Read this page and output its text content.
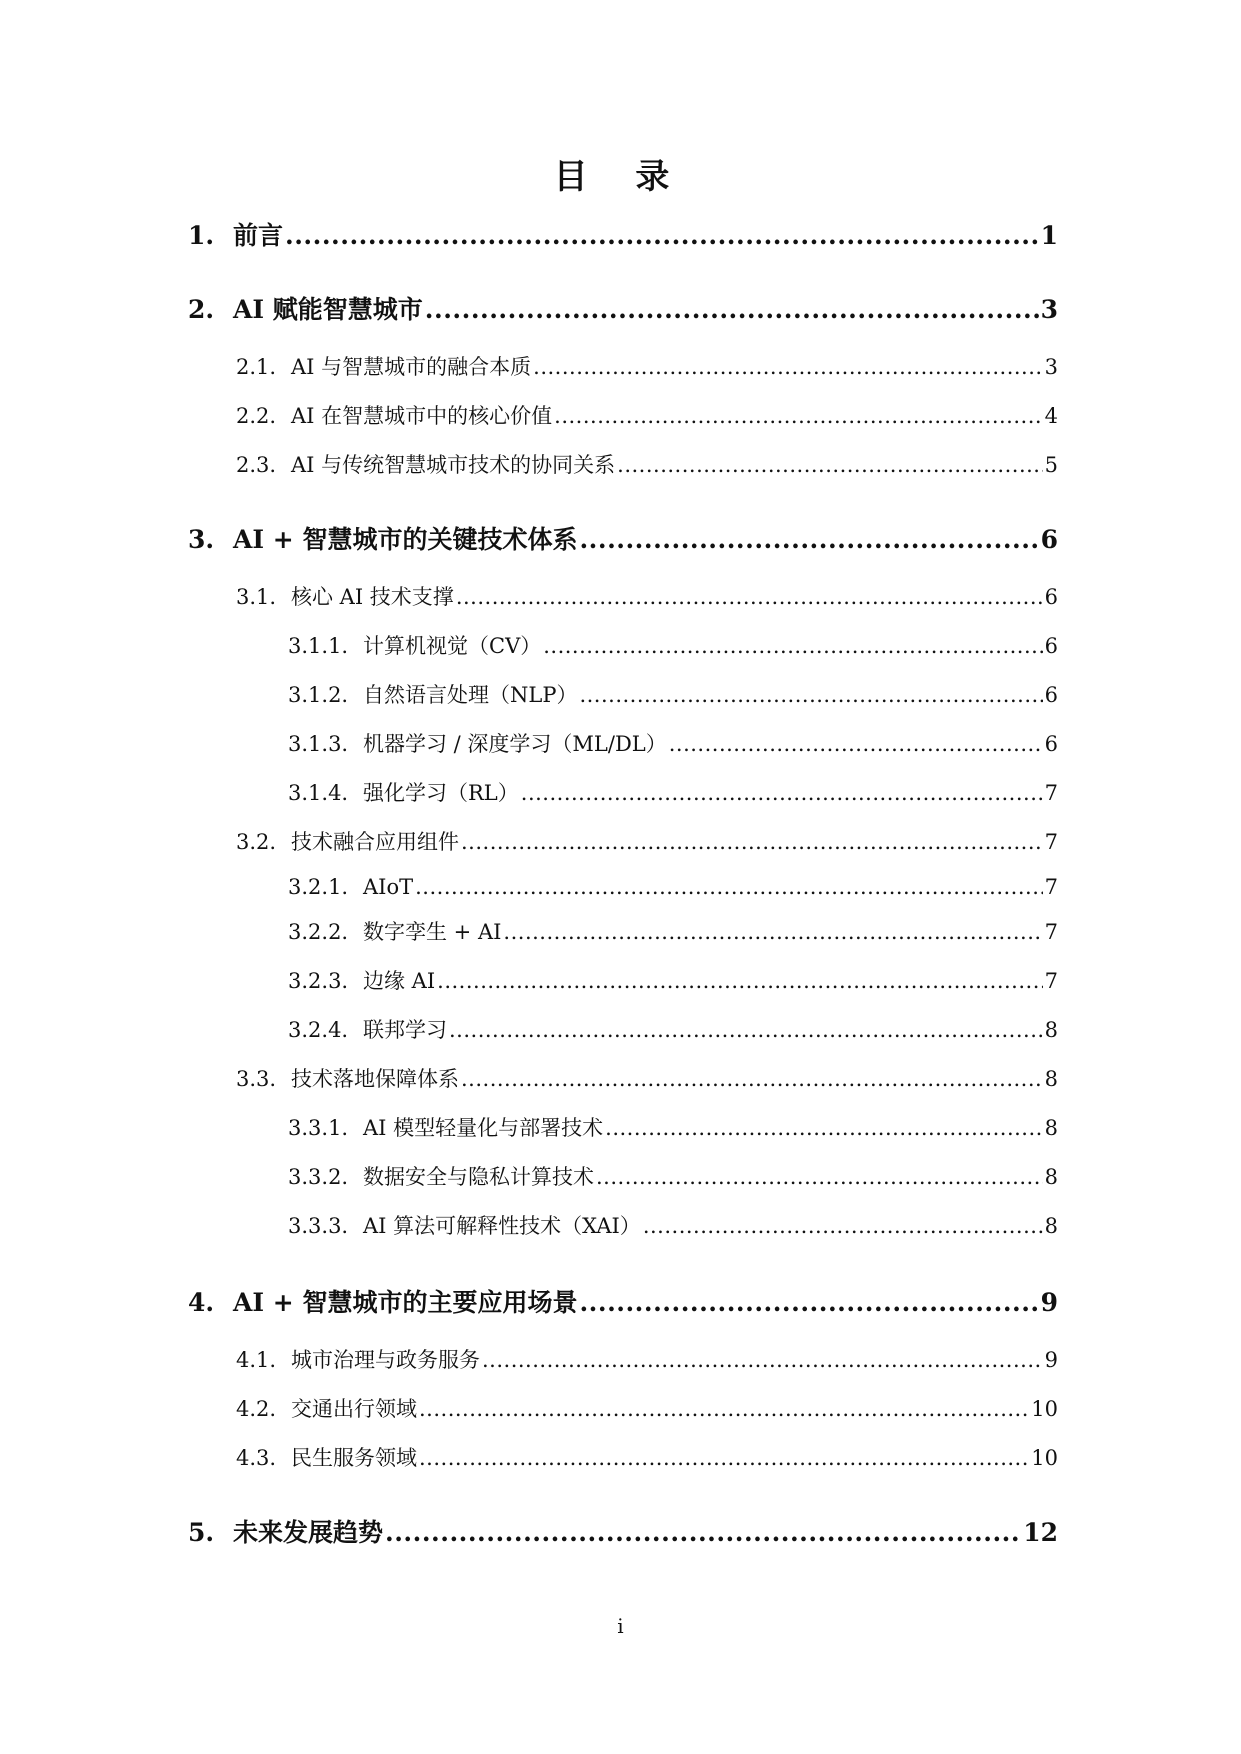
目 录
1. 前言 .....	1
2. AI 赋能智慧城市 .....	3
2.1. AI 与智慧城市的融合本质 .....	3
2.2. AI 在智慧城市中的核心价值 .....	4
2.3. AI 与传统智慧城市技术的协同关系 .....	5
3. AI + 智慧城市的关键技术体系 .....	6
3.1. 核心 AI 技术支撑 .....	6
3.1.1. 计算机视觉（CV） .....	6
3.1.2. 自然语言处理（NLP） .....	6
3.1.3. 机器学习 / 深度学习（ML/DL） .....	6
3.1.4. 强化学习（RL） .....	7
3.2. 技术融合应用组件 .....	7
3.2.1. AIoT .....	7
3.2.2. 数字孪生 + AI .....	7
3.2.3. 边缘 AI .....	7
3.2.4. 联邦学习 .....	8
3.3. 技术落地保障体系 .....	8
3.3.1. AI 模型轻量化与部署技术 .....	8
3.3.2. 数据安全与隐私计算技术 .....	8
3.3.3. AI 算法可解释性技术（XAI） .....	8
4. AI + 智慧城市的主要应用场景 .....	9
4.1. 城市治理与政务服务 .....	9
4.2. 交通出行领域 .....	10
4.3. 民生服务领域 .....	10
5. 未来发展趋势 .....	12
i
